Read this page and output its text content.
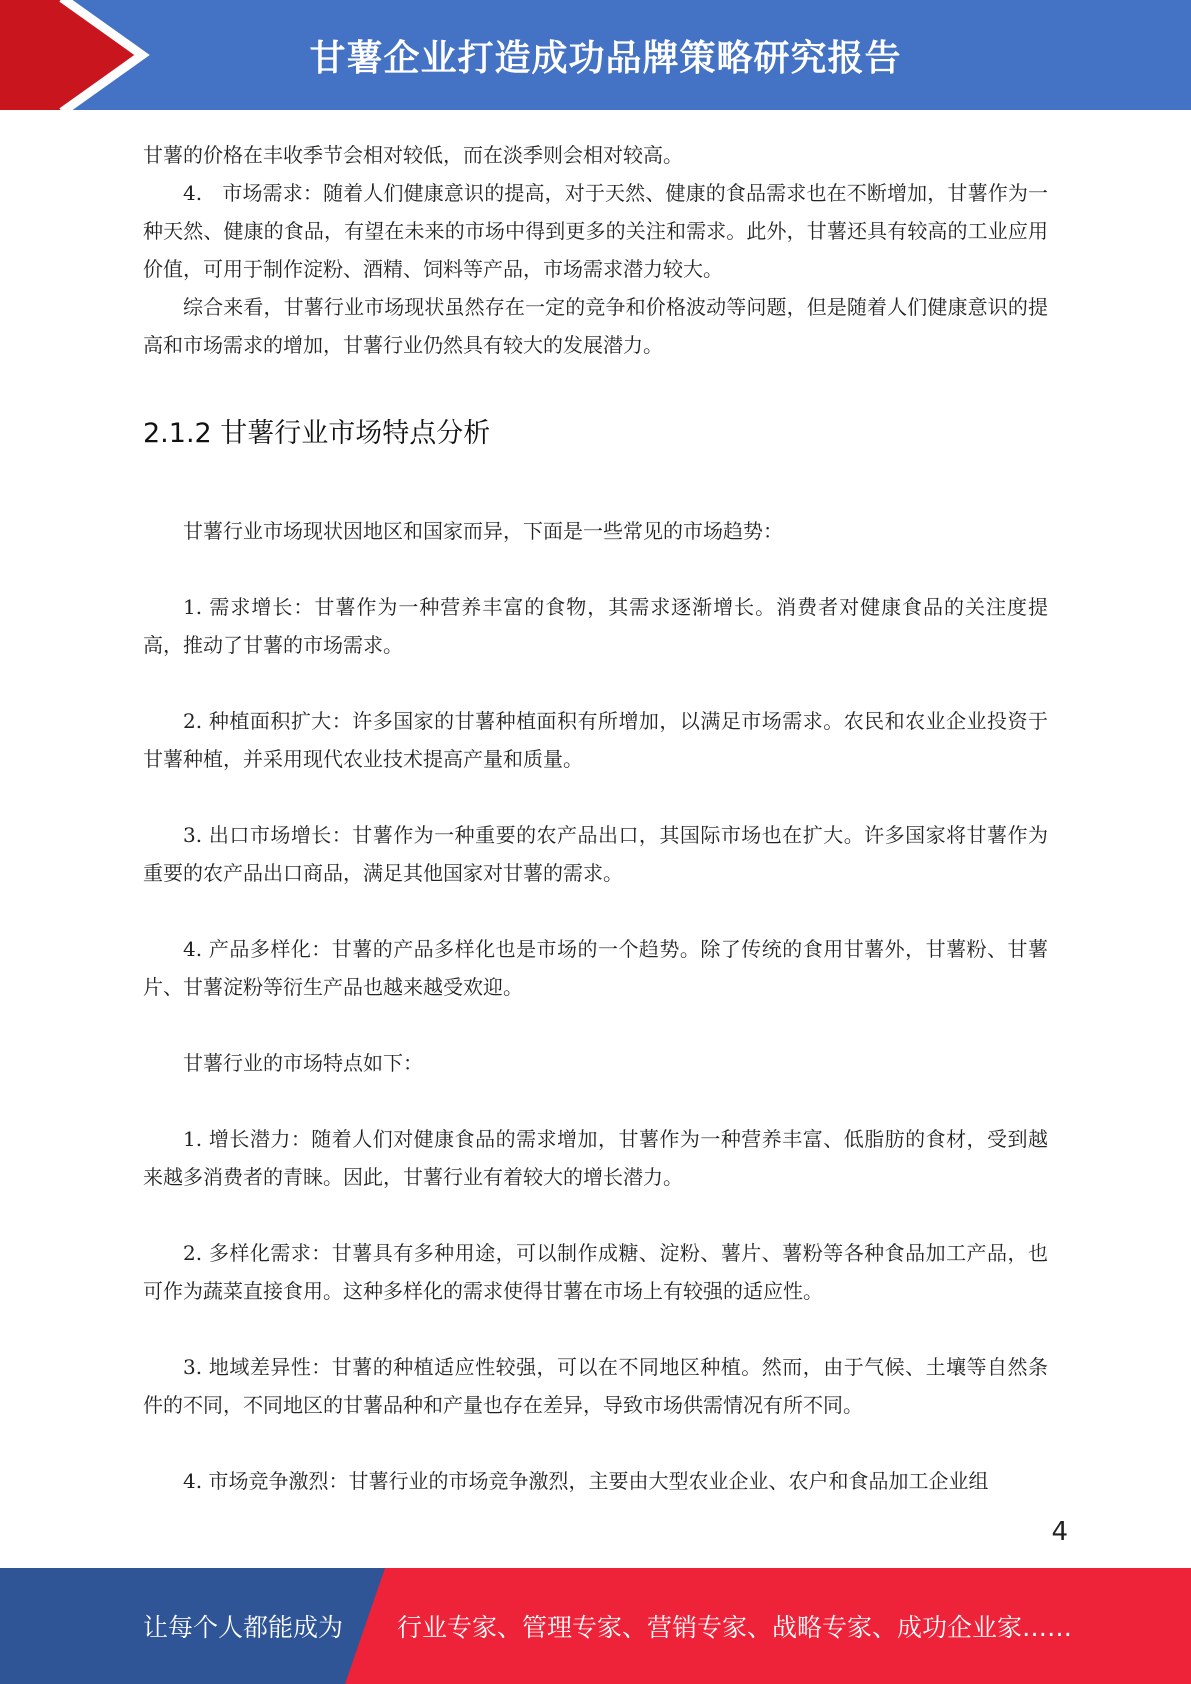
甘薯企业打造成功品牌策略研究报告

甘薯的价格在丰收季节会相对较低，而在淡季则会相对较高。

4.　市场需求：随着人们健康意识的提高，对于天然、健康的食品需求也在不断增加，甘薯作为一种天然、健康的食品，有望在未来的市场中得到更多的关注和需求。此外，甘薯还具有较高的工业应用价值，可用于制作淀粉、酒精、饲料等产品，市场需求潜力较大。

综合来看，甘薯行业市场现状虽然存在一定的竞争和价格波动等问题，但是随着人们健康意识的提高和市场需求的增加，甘薯行业仍然具有较大的发展潜力。

2.1.2 甘薯行业市场特点分析

甘薯行业市场现状因地区和国家而异，下面是一些常见的市场趋势：

1. 需求增长：甘薯作为一种营养丰富的食物，其需求逐渐增长。消费者对健康食品的关注度提高，推动了甘薯的市场需求。

2. 种植面积扩大：许多国家的甘薯种植面积有所增加，以满足市场需求。农民和农业企业投资于甘薯种植，并采用现代农业技术提高产量和质量。

3. 出口市场增长：甘薯作为一种重要的农产品出口，其国际市场也在扩大。许多国家将甘薯作为重要的农产品出口商品，满足其他国家对甘薯的需求。

4. 产品多样化：甘薯的产品多样化也是市场的一个趋势。除了传统的食用甘薯外，甘薯粉、甘薯片、甘薯淀粉等衍生产品也越来越受欢迎。

甘薯行业的市场特点如下：

1. 增长潜力：随着人们对健康食品的需求增加，甘薯作为一种营养丰富、低脂肪的食材，受到越来越多消费者的青睐。因此，甘薯行业有着较大的增长潜力。

2. 多样化需求：甘薯具有多种用途，可以制作成糖、淀粉、薯片、薯粉等各种食品加工产品，也可作为蔬菜直接食用。这种多样化的需求使得甘薯在市场上有较强的适应性。

3. 地域差异性：甘薯的种植适应性较强，可以在不同地区种植。然而，由于气候、土壤等自然条件的不同，不同地区的甘薯品种和产量也存在差异，导致市场供需情况有所不同。

4. 市场竞争激烈：甘薯行业的市场竞争激烈，主要由大型农业企业、农户和食品加工企业组

4
让每个人都能成为 行业专家、管理专家、营销专家、战略专家、成功企业家……
